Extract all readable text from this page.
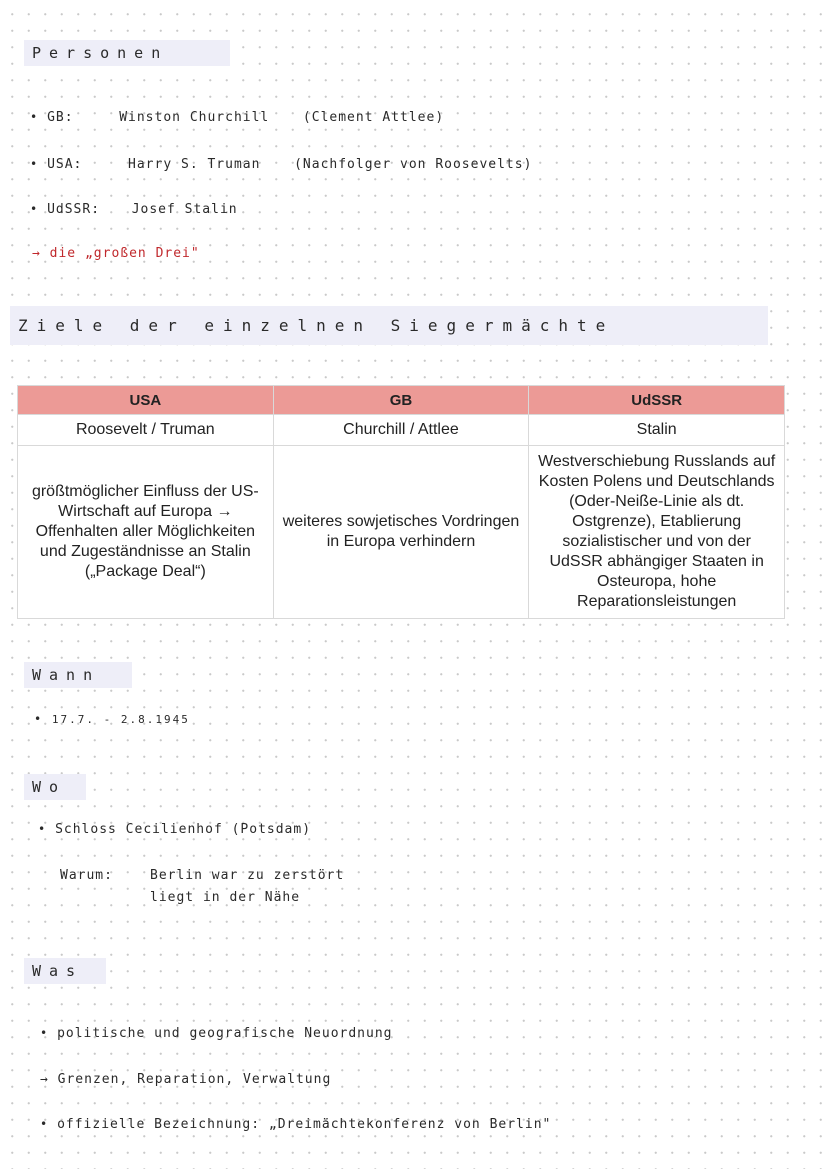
Personen
• GB:	Winston Churchill	(Clement Attlee)
• USA:	Harry S. Truman	(Nachfolger von Roosevelts)
• UdSSR: Josef Stalin
→ die „großen Drei"
Ziele der einzelnen Siegermächte
USA	GB	UdSSR
Roosevelt / Truman	Churchill / Attlee	Stalin
größtmöglicher Einfluss der US-Wirtschaft auf Europa → Offenhalten aller Möglichkeiten und Zugeständnisse an Stalin („Package Deal“)	weiteres sowjetisches Vordringen in Europa verhindern	Westverschiebung Russlands auf Kosten Polens und Deutschlands (Oder-Neiße-Linie als dt. Ostgrenze), Etablierung sozialistischer und von der UdSSR abhängiger Staaten in Osteuropa, hohe Reparationsleistungen
Wann
• 17.7. - 2.8.1945
Wo
• Schloss Cecilienhof (Potsdam)
Warum:	Berlin war zu zerstört
liegt in der Nähe
Was
• politische und geografische Neuordnung
→ Grenzen, Reparation, Verwaltung
• offizielle Bezeichnung: „Dreimächtekonferenz von Berlin"
